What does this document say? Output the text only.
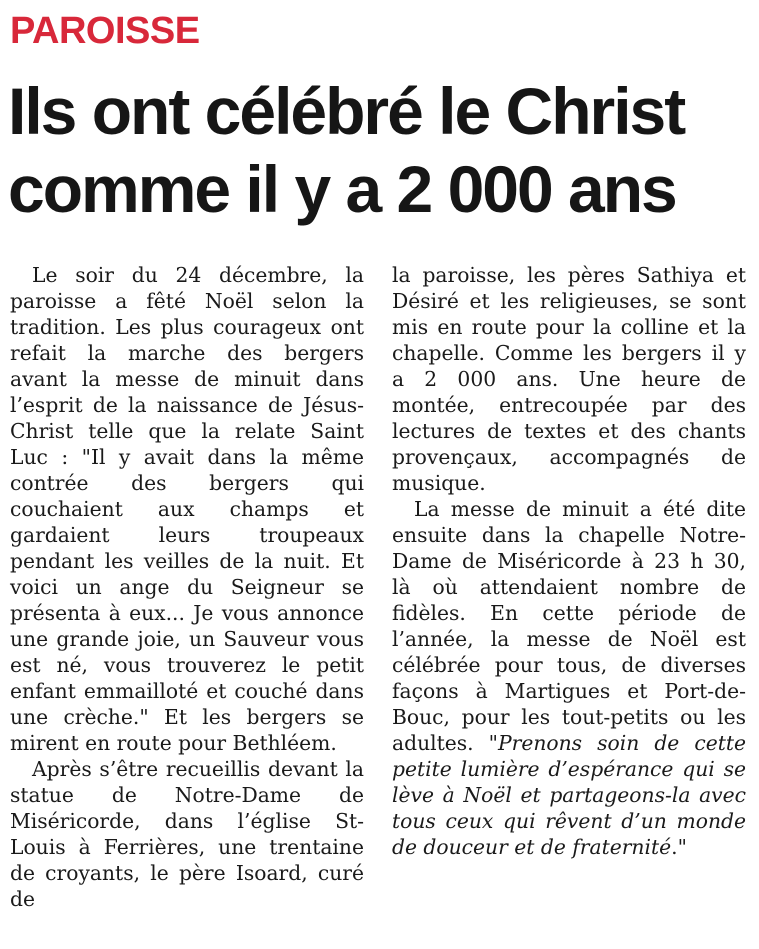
PAROISSE
Ils ont célébré le Christ comme il y a 2 000 ans

Le soir du 24 décembre, la paroisse a fêté Noël selon la tradition. Les plus courageux ont refait la marche des bergers avant la messe de minuit dans l’esprit de la naissance de Jésus-Christ telle que la relate Saint Luc : "Il y avait dans la même contrée des bergers qui couchaient aux champs et gardaient leurs troupeaux pendant les veilles de la nuit. Et voici un ange du Seigneur se présenta à eux... Je vous annonce une grande joie, un Sauveur vous est né, vous trouverez le petit enfant emmailloté et couché dans une crèche." Et les bergers se mirent en route pour Bethléem.

Après s’être recueillis devant la statue de Notre-Dame de Miséricorde, dans l’église St-Louis à Ferrières, une trentaine de croyants, le père Isoard, curé de

la paroisse, les pères Sathiya et Désiré et les religieuses, se sont mis en route pour la colline et la chapelle. Comme les bergers il y a 2 000 ans. Une heure de montée, entrecoupée par des lectures de textes et des chants provençaux, accompagnés de musique.

La messe de minuit a été dite ensuite dans la chapelle Notre-Dame de Miséricorde à 23 h 30, là où attendaient nombre de fidèles. En cette période de l’année, la messe de Noël est célébrée pour tous, de diverses façons à Martigues et Port-de-Bouc, pour les tout-petits ou les adultes. "Prenons soin de cette petite lumière d’espérance qui se lève à Noël et partageons-la avec tous ceux qui rêvent d’un monde de douceur et de fraternité."
